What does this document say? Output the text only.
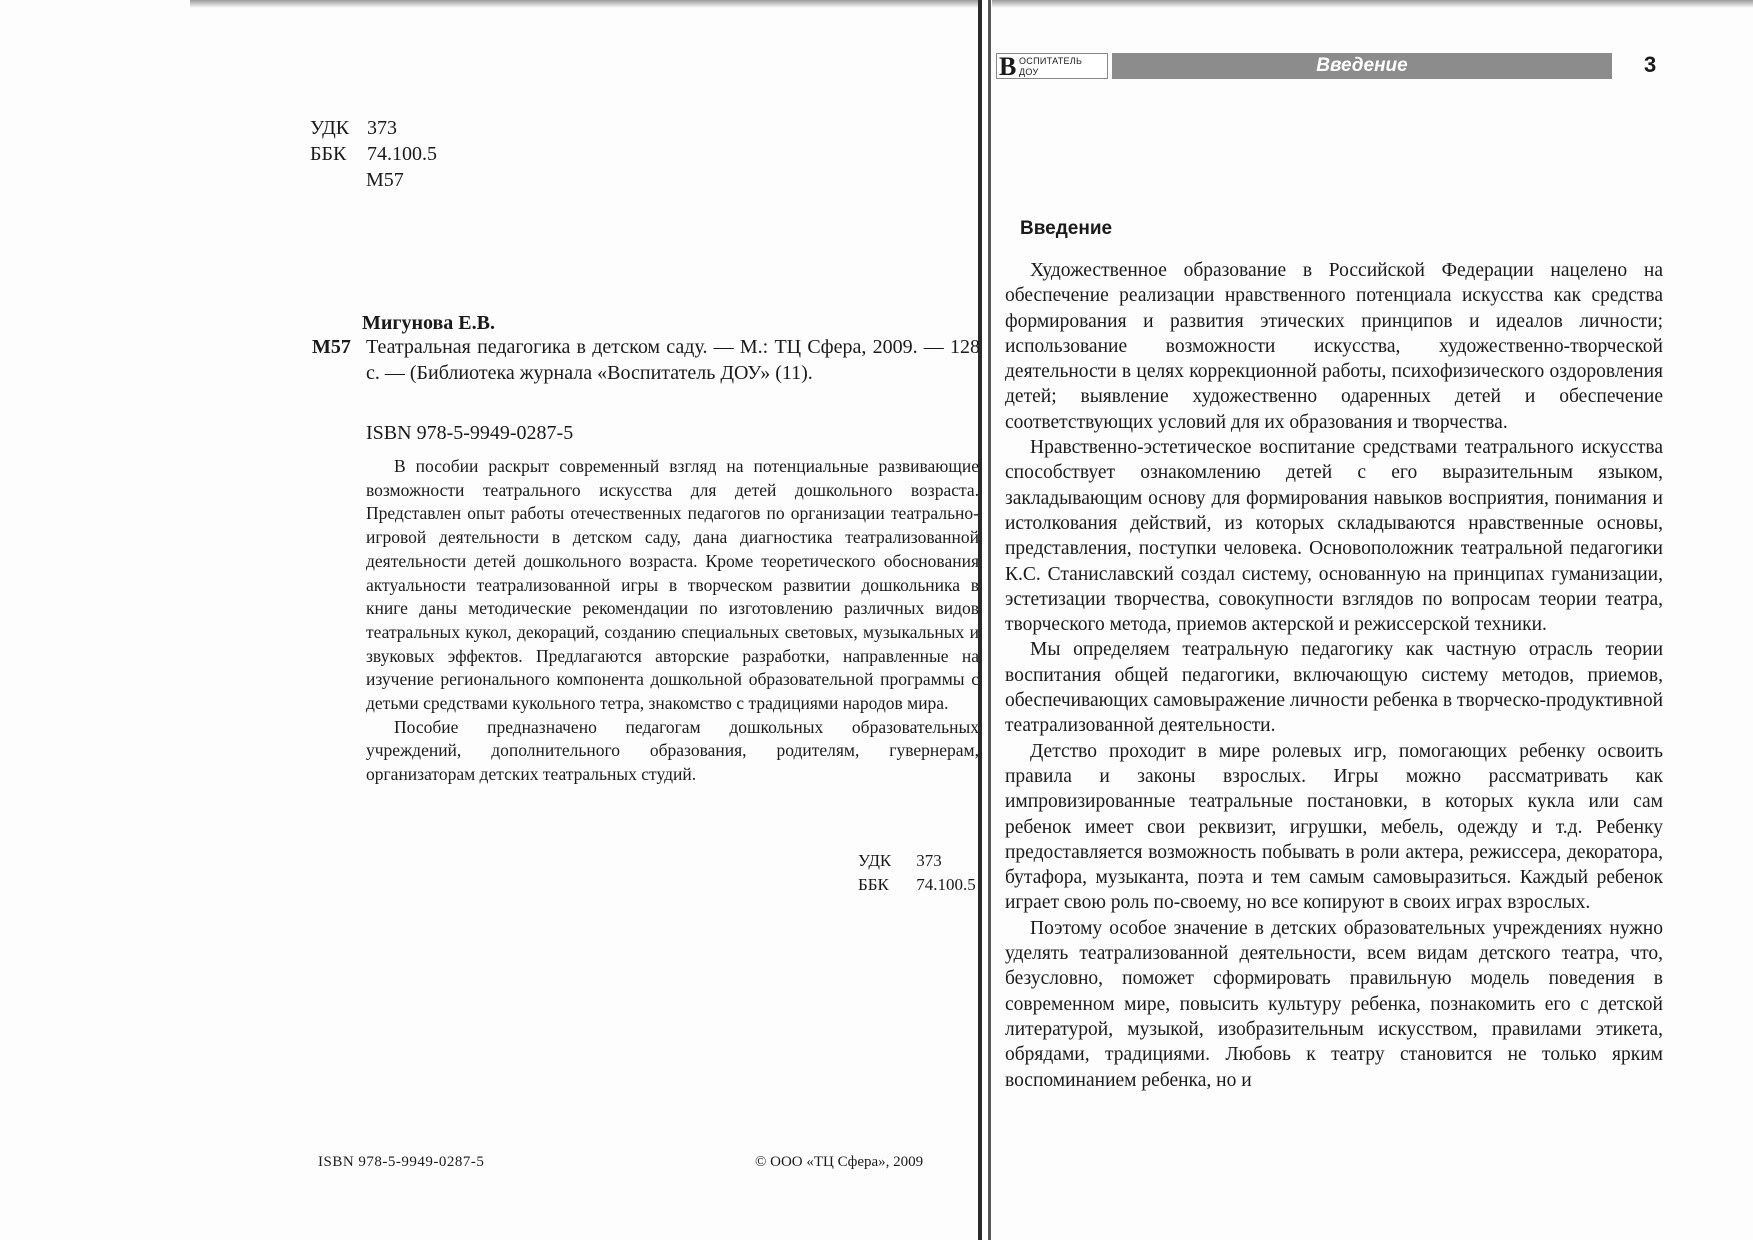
УДК 373
ББК 74.100.5
М57
Мигунова Е.В.
М57 Театральная педагогика в детском саду. — М.: ТЦ Сфера, 2009. — 128 с. — (Библиотека журнала «Воспитатель ДОУ» (11).
ISBN 978-5-9949-0287-5

В пособии раскрыт современный взгляд на потенциальные развивающие возможности театрального искусства для детей дошкольного возраста. Представлен опыт работы отечественных педагогов по организации театрально-игровой деятельности в детском саду, дана диагностика театрализованной деятельности детей дошкольного возраста. Кроме теоретического обоснования актуальности театрализованной игры в творческом развитии дошкольника в книге даны методические рекомендации по изготовлению различных видов театральных кукол, декораций, созданию специальных световых, музыкальных и звуковых эффектов. Предлагаются авторские разработки, направленные на изучение регионального компонента дошкольной образовательной программы с детьми средствами кукольного тетра, знакомство с традициями народов мира.

Пособие предназначено педагогам дошкольных образовательных учреждений, дополнительного образования, родителям, гувернерам, организаторам детских театральных студий.

УДК 373
ББК 74.100.5
ISBN 978-5-9949-0287-5	© ООО «ТЦ Сфера», 2009
В ОСПИТАТЕЛЬ
ДОУ	Введение	3
Введение

Художественное образование в Российской Федерации нацелено на обеспечение реализации нравственного потенциала искусства как средства формирования и развития этических принципов и идеалов личности; использование возможности искусства, художественно-творческой деятельности в целях коррекционной работы, психофизического оздоровления детей; выявление художественно одаренных детей и обеспечение соответствующих условий для их образования и творчества.

Нравственно-эстетическое воспитание средствами театрального искусства способствует ознакомлению детей с его выразительным языком, закладывающим основу для формирования навыков восприятия, понимания и истолкования действий, из которых складываются нравственные основы, представления, поступки человека. Основоположник театральной педагогики К.С. Станиславский создал систему, основанную на принципах гуманизации, эстетизации творчества, совокупности взглядов по вопросам теории театра, творческого метода, приемов актерской и режиссерской техники.

Мы определяем театральную педагогику как частную отрасль теории воспитания общей педагогики, включающую систему методов, приемов, обеспечивающих самовыражение личности ребенка в творческо-продуктивной театрализованной деятельности.

Детство проходит в мире ролевых игр, помогающих ребенку освоить правила и законы взрослых. Игры можно рассматривать как импровизированные театральные постановки, в которых кукла или сам ребенок имеет свои реквизит, игрушки, мебель, одежду и т.д. Ребенку предоставляется возможность побывать в роли актера, режиссера, декоратора, бутафора, музыканта, поэта и тем самым самовыразиться. Каждый ребенок играет свою роль по-своему, но все копируют в своих играх взрослых.

Поэтому особое значение в детских образовательных учреждениях нужно уделять театрализованной деятельности, всем видам детского театра, что, безусловно, поможет сформировать правильную модель поведения в современном мире, повысить культуру ребенка, познакомить его с детской литературой, музыкой, изобразительным искусством, правилами этикета, обрядами, традициями. Любовь к театру становится не только ярким воспоминанием ребенка, но и
